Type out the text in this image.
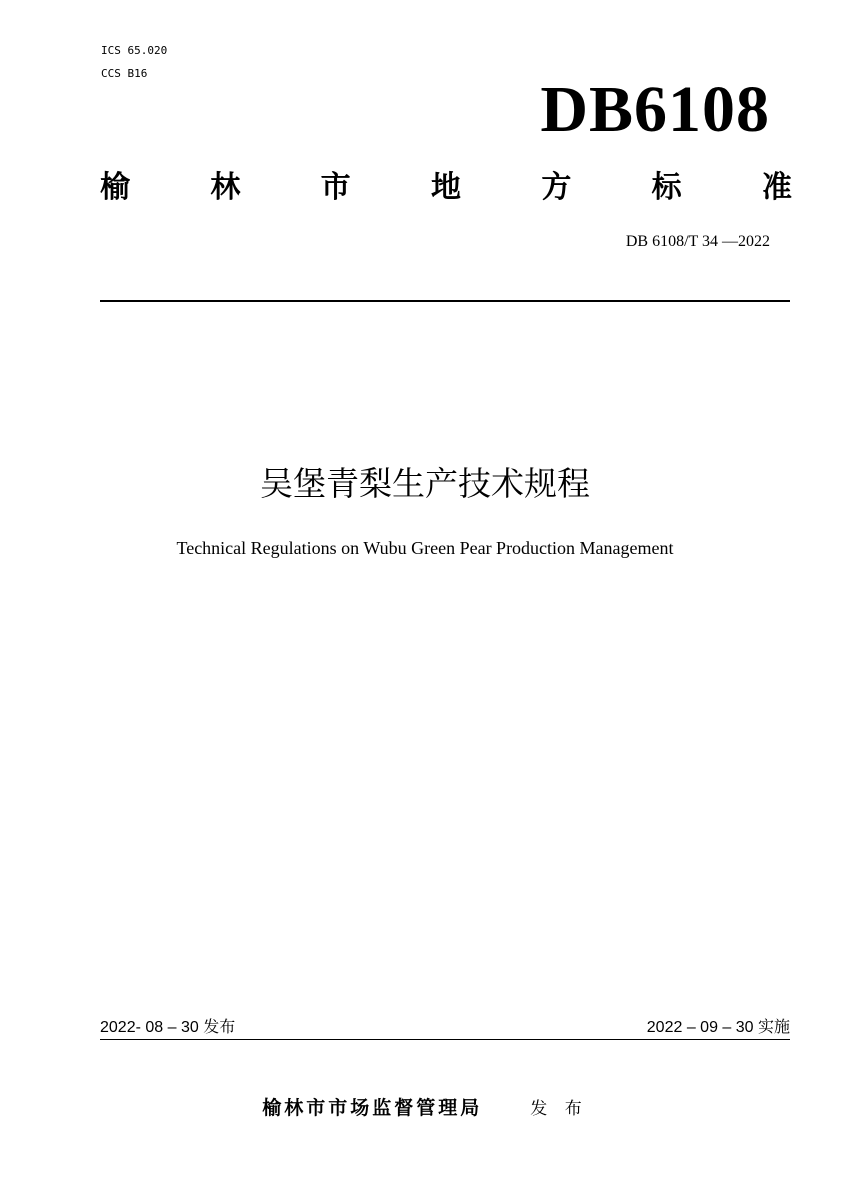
ICS 65.020
CCS B16	DB6108
榆	林	市	地	方	标	准
DB 6108/T 34 —2022
吴堡青梨生产技术规程
Technical Regulations on Wubu Green Pear Production Management
2022- 08 – 30 发布	2022 – 09 – 30 实施
榆林市市场监督管理局	发 布
